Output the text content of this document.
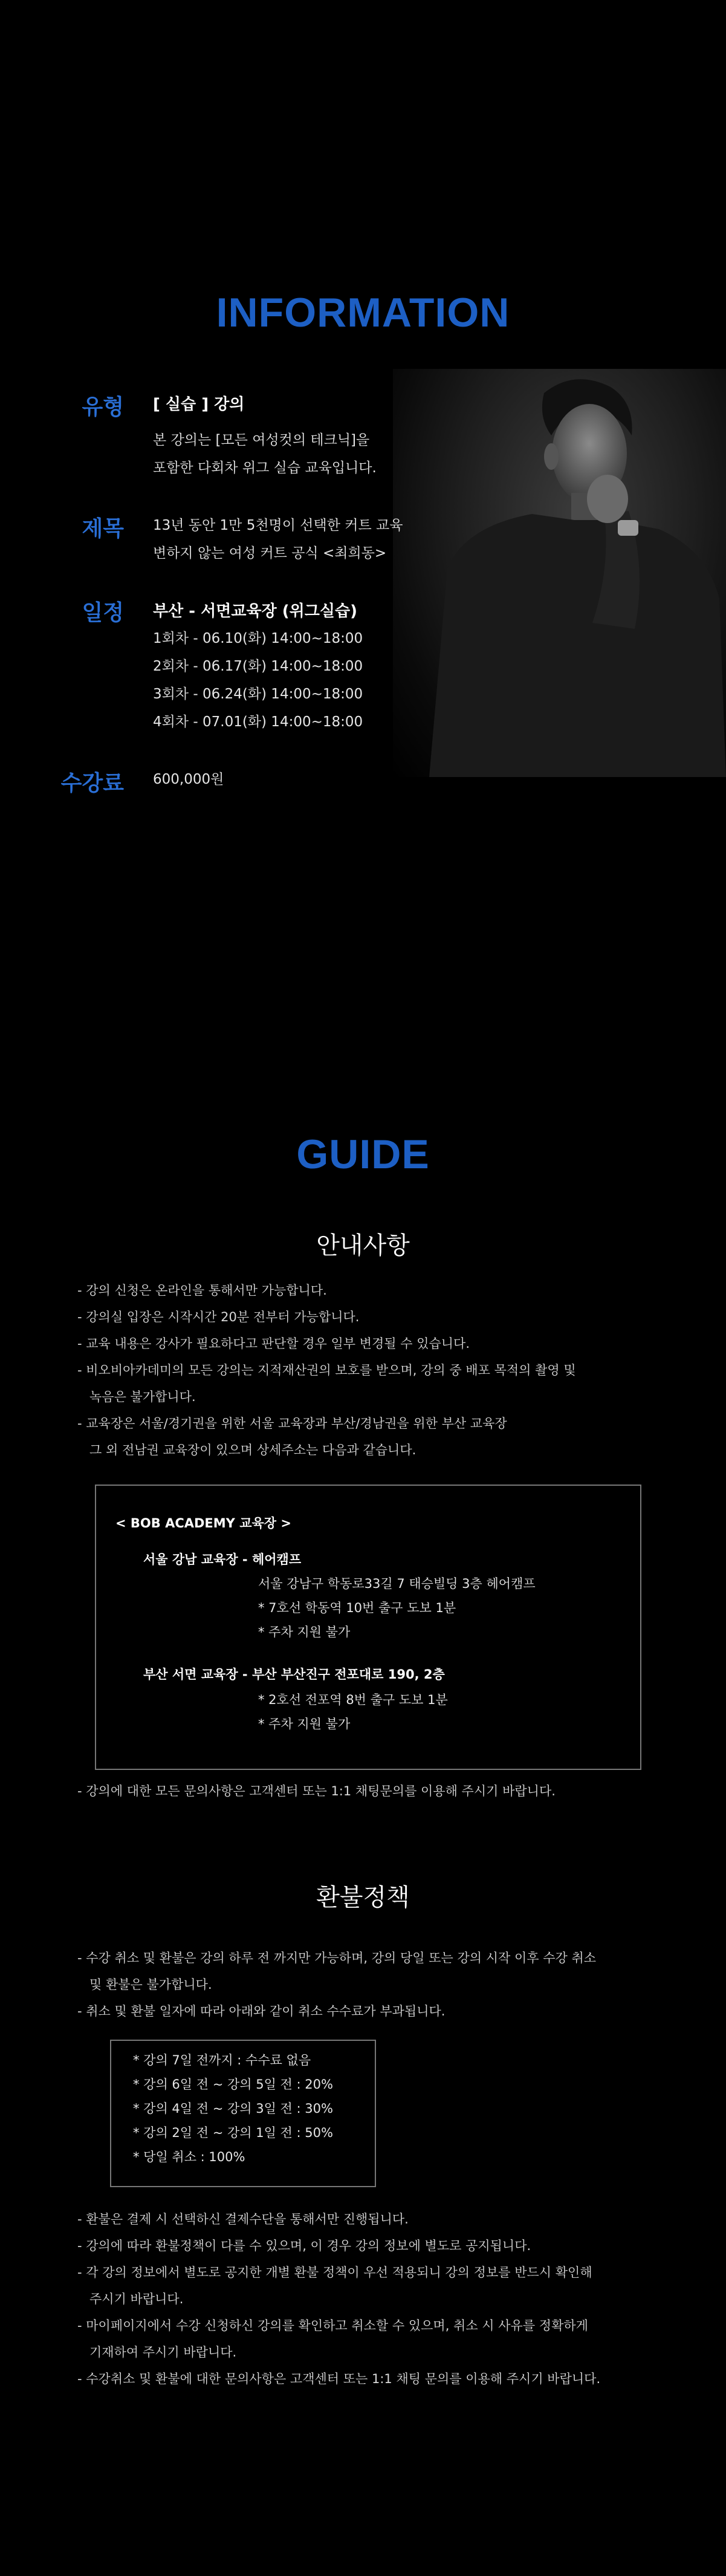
INFORMATION
유형 [ 실습 ] 강의
본 강의는 [모든 여성컷의 테크닉]을
포함한 다회차 위그 실습 교육입니다.
제목 13년 동안 1만 5천명이 선택한 커트 교육
변하지 않는 여성 커트 공식 <최희동>
일정 부산 - 서면교육장 (위그실습)
1회차 - 06.10(화) 14:00~18:00
2회차 - 06.17(화) 14:00~18:00
3회차 - 06.24(화) 14:00~18:00
4회차 - 07.01(화) 14:00~18:00
수강료 600,000원
GUIDE
안내사항
- 강의 신청은 온라인을 통해서만 가능합니다.
- 강의실 입장은 시작시간 20분 전부터 가능합니다.
- 교육 내용은 강사가 필요하다고 판단할 경우 일부 변경될 수 있습니다.
- 비오비아카데미의 모든 강의는 지적재산권의 보호를 받으며, 강의 중 배포 목적의 촬영 및
녹음은 불가합니다.
- 교육장은 서울/경기권을 위한 서울 교육장과 부산/경남권을 위한 부산 교육장
그 외 전남권 교육장이 있으며 상세주소는 다음과 같습니다.
< BOB ACADEMY 교육장 >
서울 강남 교육장 - 헤어캠프
서울 강남구 학동로33길 7 태승빌딩 3층 헤어캠프
* 7호선 학동역 10번 출구 도보 1분
* 주차 지원 불가
부산 서면 교육장 - 부산 부산진구 전포대로 190, 2층
* 2호선 전포역 8번 출구 도보 1분
* 주차 지원 불가
- 강의에 대한 모든 문의사항은 고객센터 또는 1:1 채팅문의를 이용해 주시기 바랍니다.
환불정책
- 수강 취소 및 환불은 강의 하루 전 까지만 가능하며, 강의 당일 또는 강의 시작 이후 수강 취소
및 환불은 불가합니다.
- 취소 및 환불 일자에 따라 아래와 같이 취소 수수료가 부과됩니다.
* 강의 7일 전까지 : 수수료 없음
* 강의 6일 전 ~ 강의 5일 전 : 20%
* 강의 4일 전 ~ 강의 3일 전 : 30%
* 강의 2일 전 ~ 강의 1일 전 : 50%
* 당일 취소 : 100%
- 환불은 결제 시 선택하신 결제수단을 통해서만 진행됩니다.
- 강의에 따라 환불정책이 다를 수 있으며, 이 경우 강의 정보에 별도로 공지됩니다.
- 각 강의 정보에서 별도로 공지한 개별 환불 정책이 우선 적용되니 강의 정보를 반드시 확인해
주시기 바랍니다.
- 마이페이지에서 수강 신청하신 강의를 확인하고 취소할 수 있으며, 취소 시 사유를 정확하게
기재하여 주시기 바랍니다.
- 수강취소 및 환불에 대한 문의사항은 고객센터 또는 1:1 채팅 문의를 이용해 주시기 바랍니다.
